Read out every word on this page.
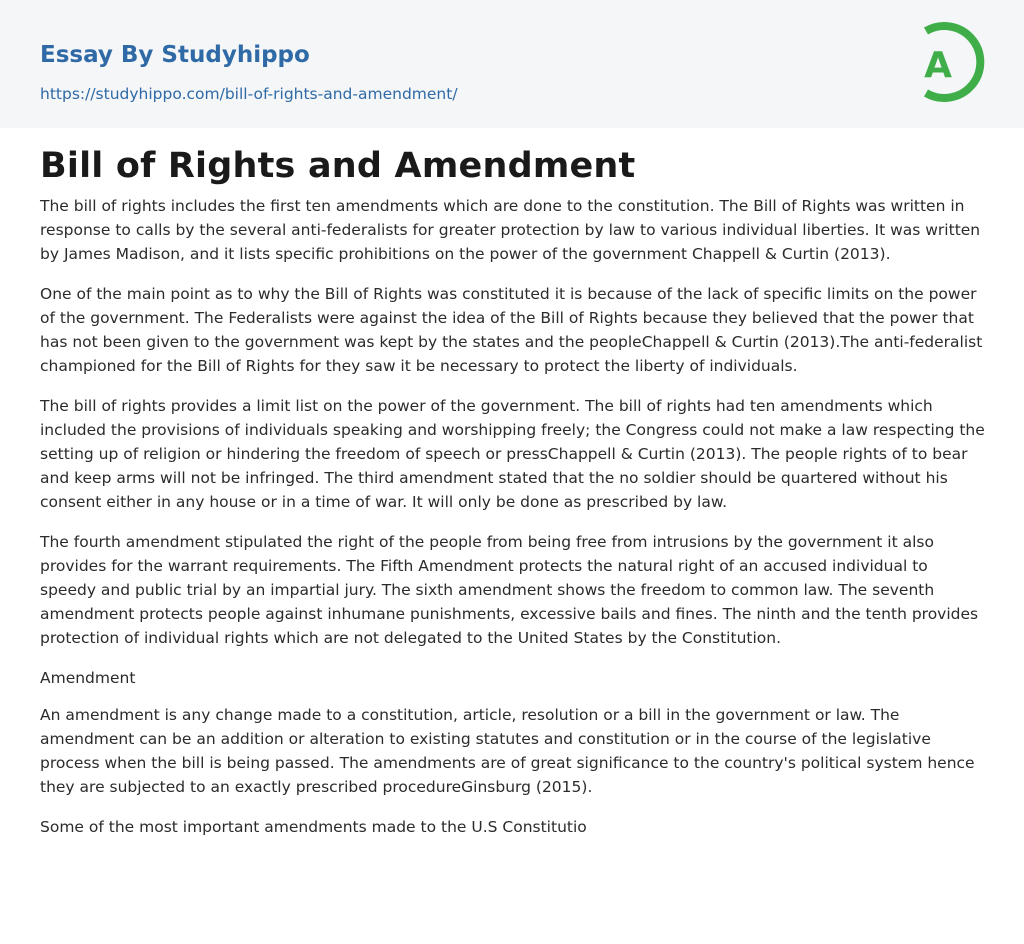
Essay By Studyhippo
https://studyhippo.com/bill-of-rights-and-amendment/
A
Bill of Rights and Amendment

The bill of rights includes the first ten amendments which are done to the constitution. The Bill of Rights was written in response to calls by the several anti-federalists for greater protection by law to various individual liberties. It was written by James Madison, and it lists specific prohibitions on the power of the government Chappell & Curtin (2013).

One of the main point as to why the Bill of Rights was constituted it is because of the lack of specific limits on the power of the government. The Federalists were against the idea of the Bill of Rights because they believed that the power that has not been given to the government was kept by the states and the peopleChappell & Curtin (2013).The anti-federalist championed for the Bill of Rights for they saw it be necessary to protect the liberty of individuals.

The bill of rights provides a limit list on the power of the government. The bill of rights had ten amendments which included the provisions of individuals speaking and worshipping freely; the Congress could not make a law respecting the setting up of religion or hindering the freedom of speech or pressChappell & Curtin (2013). The people rights of to bear and keep arms will not be infringed. The third amendment stated that the no soldier should be quartered without his consent either in any house or in a time of war. It will only be done as prescribed by law.

The fourth amendment stipulated the right of the people from being free from intrusions by the government it also provides for the warrant requirements. The Fifth Amendment protects the natural right of an accused individual to speedy and public trial by an impartial jury. The sixth amendment shows the freedom to common law. The seventh amendment protects people against inhumane punishments, excessive bails and fines. The ninth and the tenth provides protection of individual rights which are not delegated to the United States by the Constitution.

Amendment

An amendment is any change made to a constitution, article, resolution or a bill in the government or law. The amendment can be an addition or alteration to existing statutes and constitution or in the course of the legislative process when the bill is being passed. The amendments are of great significance to the country's political system hence they are subjected to an exactly prescribed procedureGinsburg (2015).

Some of the most important amendments made to the U.S Constitutio
